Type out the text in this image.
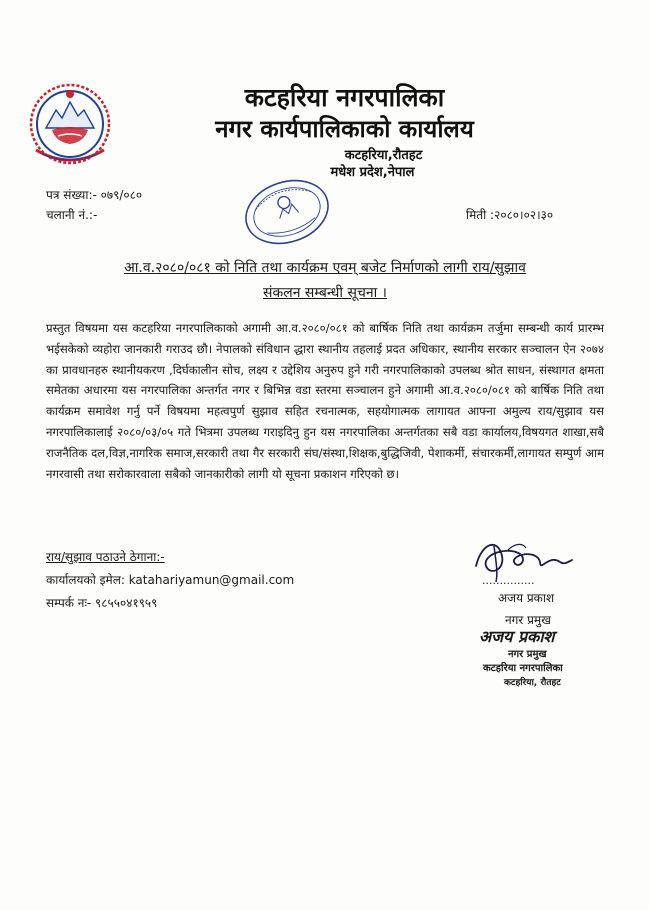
कटहरिया नगरपालिका
नगर कार्यपालिकाको कार्यालय
कटहरिया,रौतहट
मधेश प्रदेश,नेपाल
पत्र संख्या:- ०७९/०८०
चलानी नं.:-	मिती :२०८०।०२।३०
आ.व.२०८०/०८१ को निति तथा कार्यक्रम एवम् बजेट निर्माणको लागी राय/सुझाव
संकलन सम्बन्धी सूचना ।
प्रस्तुत विषयमा यस कटहरिया नगरपालिकाको अगामी आ.व.२०८०/०८१ को बार्षिक निति तथा कार्यक्रम तर्जुमा सम्बन्धी कार्य प्रारम्भ भईसकेको व्यहोरा जानकारी गराउद छौ। नेपालको संविधान द्धारा स्थानीय तहलाई प्रदत अधिकार, स्थानीय सरकार सञ्चालन ऐन २०७४ का प्रावधानहरु स्थानीयकरण ,दिर्घकालीन सोच, लक्ष्य र उद्देशिय अनुरुप हुने गरी नगरपालिकाको उपलब्ध श्रोत साधन, संस्थागत क्षमता समेतका अधारमा यस नगरपालिका अन्तर्गत नगर र बिभिन्न वडा स्तरमा सञ्चालन हुने अगामी आ.व.२०८०/०८१ को बार्षिक निति तथा कार्यक्रम समावेश गर्नु पर्ने विषयमा महत्वपुर्ण सुझाव सहित रचनात्मक, सहयोगात्मक लागायत आफ्ना अमुल्य राय/सुझाव यस नगरपालिकालाई २०८०/०३/०५ गते भित्रमा उपलब्ध गराइदिनु हुन यस नगरपालिका अन्तर्गतका सबै वडा कार्यालय,विषयगत शाखा,सबै राजनैतिक दल,विज्ञ,नागरिक समाज,सरकारी तथा गैर सरकारी संघ/संस्था,शिक्षक,बुद्धिजिवी, पेशाकर्मी, संचारकर्मी,लागायत सम्पुर्ण आम नगरवासी तथा सरोकारवाला सबैको जानकारीको लागी यो सूचना प्रकाशन गरिएको छ।
राय/सुझाव पठाउने ठेगाना:-
कार्यालयको इमेल: katahariyamun@gmail.com
सम्पर्क नः- ९८५५०४१९५९
...............
अजय प्रकाश
नगर प्रमुख
अजय प्रकाश
नगर प्रमुख
कटहरिया नगरपालिका
कटहरिया, रौतहट
